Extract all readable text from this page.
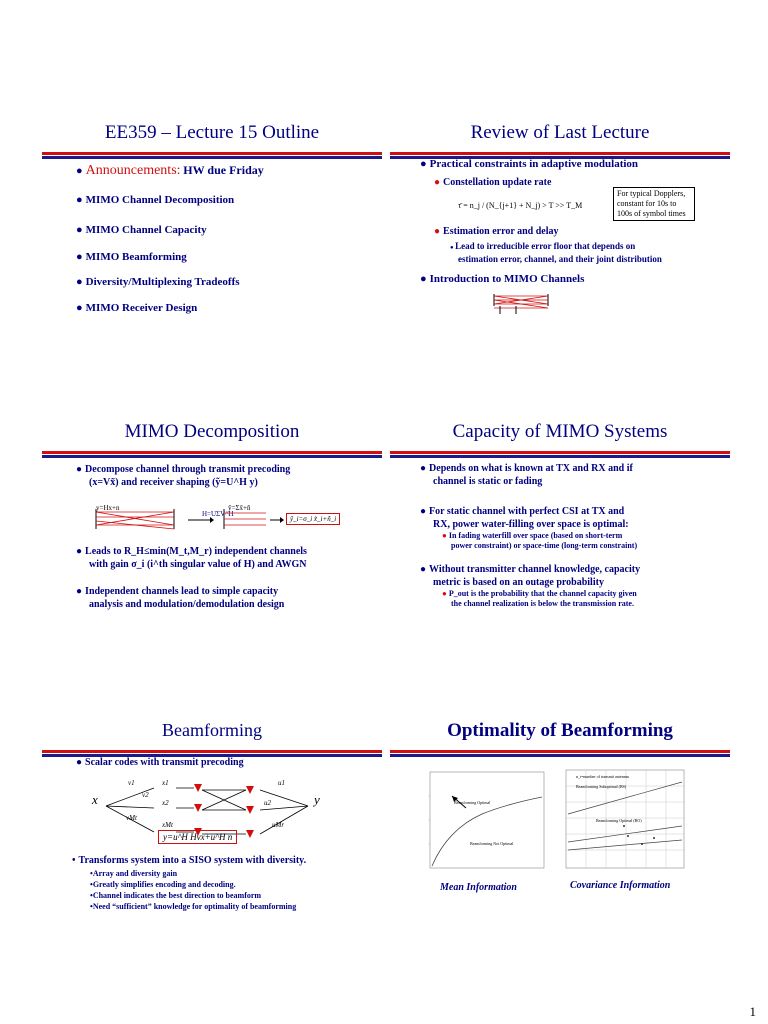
EE359 – Lecture 15 Outline
● Announcements: HW due Friday
● MIMO Channel Decomposition
● MIMO Channel Capacity
● MIMO Beamforming
● Diversity/Multiplexing Tradeoffs
● MIMO Receiver Design
Review of Last Lecture
● Practical constraints in adaptive modulation
● Constellation update rate
τ̄ = n_j / (N_{j+1} + N_j) > T >> T_M
For typical Dopplers,
constant for 10s to
100s of symbol times
● Estimation error and delay
● Lead to irreducible error floor that depends on
estimation error, channel, and their joint distribution
● Introduction to MIMO Channels
MIMO Decomposition
● Decompose channel through transmit precoding
(x=Vx̃) and receiver shaping (ỹ=U^H y)
y=Hx+n
H=UΣV^H
ỹ=Σx̃+ñ
ỹ_i=σ_i x̃_i+ñ_i
● Leads to R_H≤min(M_t,M_r) independent channels
with gain σ_i (i^th singular value of H) and AWGN
● Independent channels lead to simple capacity
analysis and modulation/demodulation design
Capacity of MIMO Systems
● Depends on what is known at TX and RX and if
channel is static or fading
● For static channel with perfect CSI at TX and
RX, power water-filling over space is optimal:
● In fading waterfill over space (based on short-term
power constraint) or space-time (long-term constraint)
● Without transmitter channel knowledge, capacity
metric is based on an outage probability
● P_out is the probability that the channel capacity given
the channel realization is below the transmission rate.
Beamforming
● Scalar codes with transmit precoding
x	y
v1
v2
vMt
x1
x2
xMt
u1
u2
uMr
y=u^H Hvx+u^H n
• Transforms system into a SISO system with diversity.
•Array and diversity gain
•Greatly simplifies encoding and decoding.
•Channel indicates the best direction to beamform
•Need “sufficient” knowledge for optimality of beamforming
Optimality of Beamforming
Beamforming Optimal
Beamforming Not Optimal
n_t=number of transmit antennas
Beamforming Suboptimal (BS)
Beamforming Optimal (BO)
Mean Information	Covariance Information
1
